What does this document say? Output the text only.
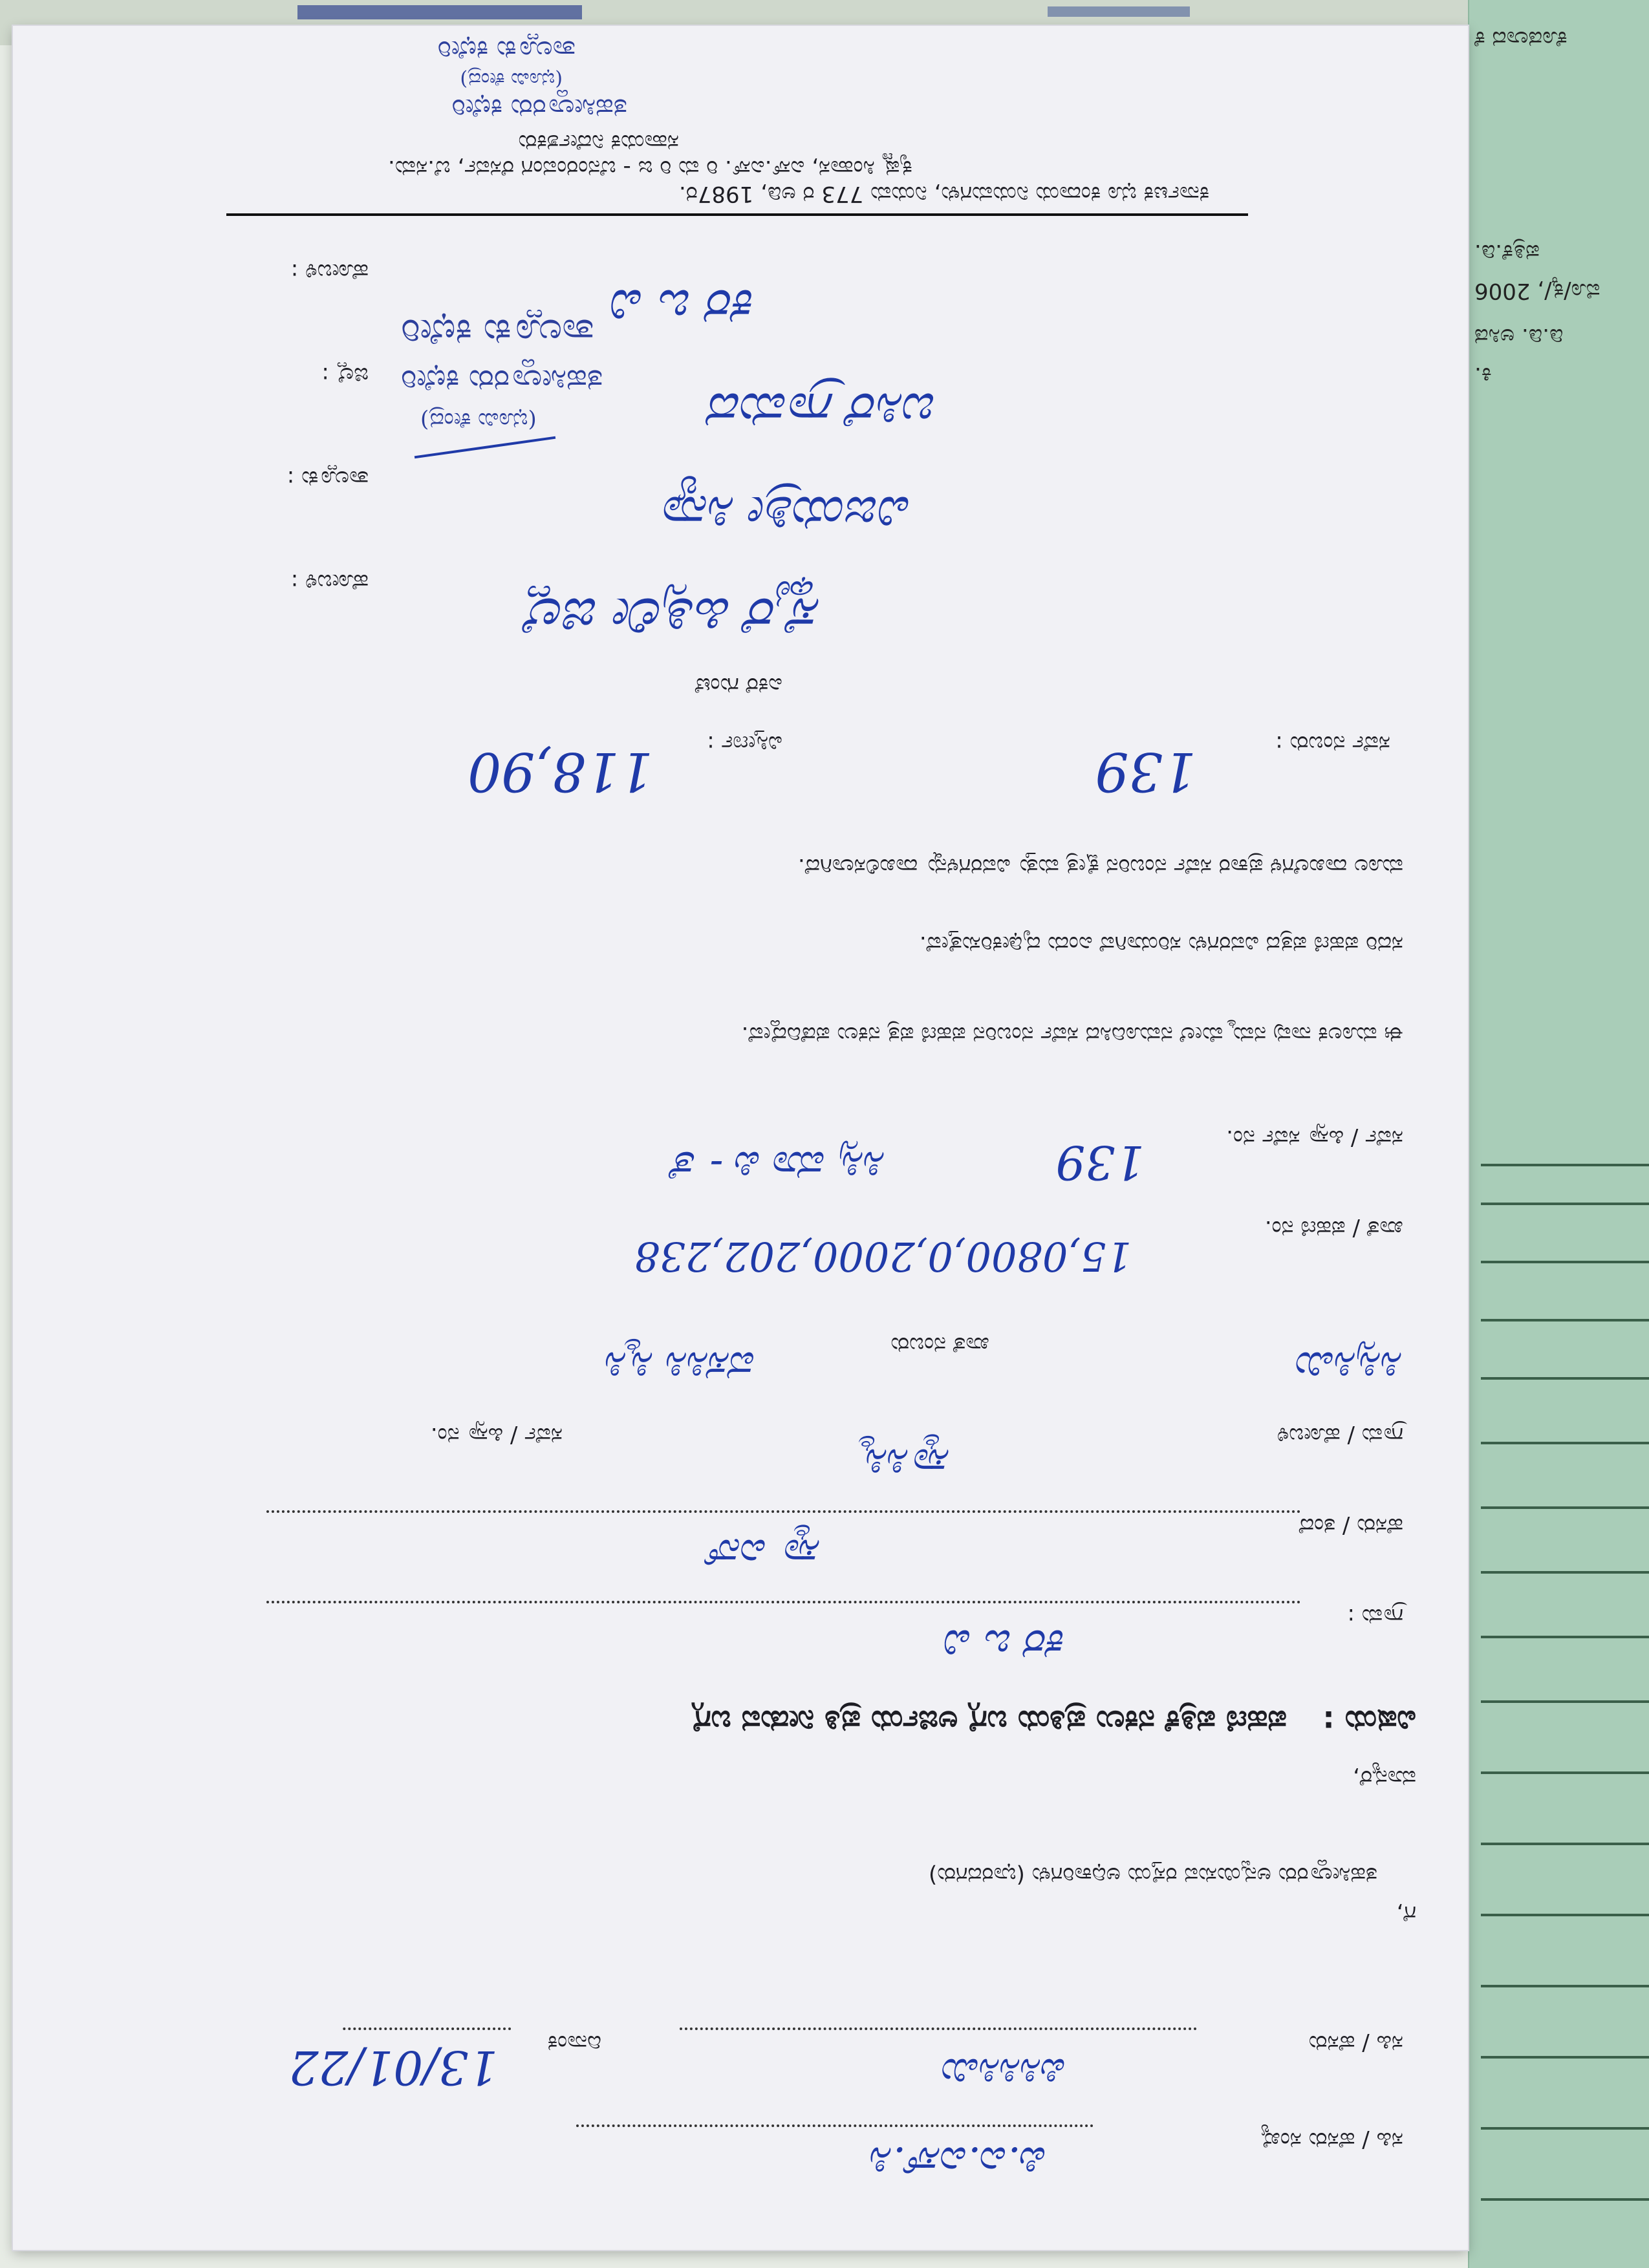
ಕೊಡಲಾದ ಕೆ
ಪತ್ರಿಕೆ.ಡಿ.
ಮೊ/ಕ್ಕ/, 2006
ಡಿ.ಡಿ. ಅಸಿಡ
ಕಿ.
ಸಹಿ / ಹೆಸರು ಸಂಖ್ಯೆ
ಪಿ.ಎ.ಎಸ್.ಸಿ
ಸಹಿ / ಹೆಸರು
ಪಿಸಿಸಿಸಿಮಿ
ದಿನಾಂಕ
13/01/22
ಗೆ,
ತಹಸೀಲ್ದಾರರು ಅನ್ವಯಿಸುವ ರಸ್ತೆಯ ಅಧಿಕಾರಿಗಳು (ಭಾರದಗರು)
ಮಾನ್ಯರೆ,
ವಿಷಯ :
ಪಹಣಿ ಪತ್ರಿಕೆ ನಕಲು ಪ್ರತಿಯ ಬಗ್ಗೆ ಅರ್ಜಿಯ ಪ್ರತಿ ನೀಡುವ ಬಗ್ಗೆ
ಗ್ರಾಮ :
ಕರ ಒ ವಿ
ಹೆಸರು / ತಂದೆ
ಸ್ಮಾ ಎನ್
ಗ್ರಾಮ / ಹೋಬಳಿ
ಸ್ಮಾಸಿಸ್ಮಿ
ಸರ್ವೆ / ಹಿಸ್ಸಾ ನಂ.
ಸಿಸ್ಸಿಸಿಮಿ
ಖಾತೆ ನಂಬರು
ವಸಸಿಸಿ ಸ್ಮಿಸಿ
ಖಾತೆ / ಪಹಣಿ ನಂ.
15,0800,0,2000,202,238
ಸರ್ವೆ / ಹಿಸ್ಸಾ ಸರ್ವೆ ನಂ.
139
ಸಿಸ್ಸಿ ಮಾ ಪಿ - ತೆ
ಈ ಮೂಲಕ ನಾವು ನಮ್ಮ ಮೇಲೆ ನಮೂದಿಸಿದ ಸರ್ವೆ ನಂಬರಿನ ಪಹಣಿ ಪತ್ರ ನಕಲು ಪಡೆದಿದ್ದೇವೆ.
ಸದರಿ ಪಹಣಿ ಪತ್ರದ ವಿವರಗಳು ಸರಿಯಾಗಿವೆ ಎಂದು ದೃಢೀಕರಿಸುತ್ತೇವೆ.
ಮೂಲ ದಾಖಲೆಗಳ ಪ್ರಕಾರ ಸರ್ವೆ ನಂಬರಿನ ಕ್ಷೇತ್ರ ಮತ್ತು ವಿವರಗಳನ್ನು ದಾಖಲಿಸಲಾಗಿದೆ.
ಸರ್ವೆ ನಂಬರು :
139
ವಿಸ್ತೀರ್ಣ :
118,90
ಎಕರೆ ಗುಂಟೆ
ಹೋಬಳಿ :
ಸ್ಥೈರೆ ಹಿತ್ಸಿಲೀ ಜಿಲ್ಲೆ
ತಾಲ್ಲೂಕು :
ವಿಜಯಶ್ರೀ ಸಿನ್ಯಾ
ಜಿಲ್ಲೆ :
ಬಸಿರೆ ಗ್ರಾಮದ
ಹೋಬಳಿ :
ಕರ ಒ ವಿ
ಕರ್ನಾಟಕ ಭೂ ಕಂದಾಯ ನಿಯಮಗಳು, ನಿಯಮ 773 ರ ಅಡಿ, 1987ರ.
ಸಹಾಯಕ ನಿರ್ದೇಶಕರು
ತಹಸೀಲ್ದಾರರು ಕಛೇರಿ
(ಭೂಮಿ ಕೇಂದ್ರ)
ತಾಲ್ಲೂಕು ಕಛೇರಿ
ಕೃಷ್ಣ ಸಿಂಹಾಸ, ಎಸ್.ಎಸ್. ರಿ ಮ ರಿ ಜ - ಬೆನಂರಂವಂಗ ರೆಸರ್ವ, ಬೆ.ಸಮ.
ತಾಲ್ಲೂಕು ಕಛೇರಿ
ತಹಸೀಲ್ದಾರರು ಕಛೇರಿ
(ಭೂಮಿ ಕೇಂದ್ರ)
